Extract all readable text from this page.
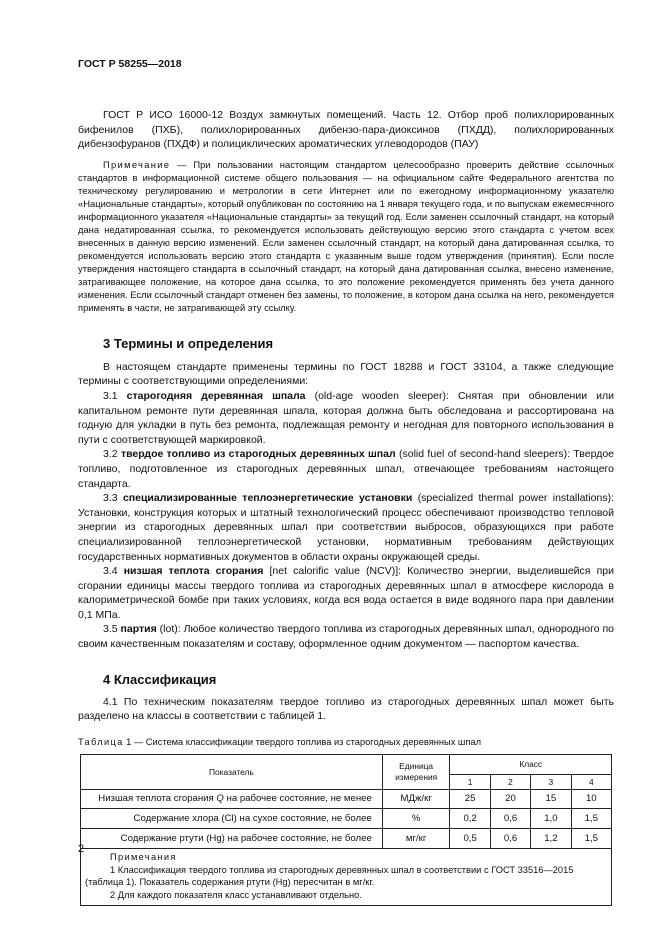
ГОСТ Р 58255—2018

ГОСТ Р ИСО 16000-12 Воздух замкнутых помещений. Часть 12. Отбор проб полихлорированных бифенилов (ПХБ), полихлорированных дибензо-пара-диоксинов (ПХДД), полихлорированных дибензофуранов (ПХДФ) и полициклических ароматических углеводородов (ПАУ)

Примечание — При пользовании настоящим стандартом целесообразно проверить действие ссылочных стандартов в информационной системе общего пользования — на официальном сайте Федерального агентства по техническому регулированию и метрологии в сети Интернет или по ежегодному информационному указателю «Национальные стандарты», который опубликован по состоянию на 1 января текущего года, и по выпускам ежемесячного информационного указателя «Национальные стандарты» за текущий год. Если заменен ссылочный стандарт, на который дана недатированная ссылка, то рекомендуется использовать действующую версию этого стандарта с учетом всех внесенных в данную версию изменений. Если заменен ссылочный стандарт, на который дана датированная ссылка, то рекомендуется использовать версию этого стандарта с указанным выше годом утверждения (принятия). Если после утверждения настоящего стандарта в ссылочный стандарт, на который дана датированная ссылка, внесено изменение, затрагивающее положение, на которое дана ссылка, то это положение рекомендуется применять без учета данного изменения. Если ссылочный стандарт отменен без замены, то положение, в котором дана ссылка на него, рекомендуется применять в части, не затрагивающей эту ссылку.

3 Термины и определения

В настоящем стандарте применены термины по ГОСТ 18288 и ГОСТ 33104, а также следующие термины с соответствующими определениями:

3.1 старогодняя деревянная шпала (old-age wooden sleeper): Снятая при обновлении или капитальном ремонте пути деревянная шпала, которая должна быть обследована и рассортирована на годную для укладки в путь без ремонта, подлежащая ремонту и негодная для повторного использования в пути с соответствующей маркировкой.

3.2 твердое топливо из старогодных деревянных шпал (solid fuel of second-hand sleepers): Твердое топливо, подготовленное из старогодных деревянных шпал, отвечающее требованиям настоящего стандарта.

3.3 специализированные теплоэнергетические установки (specialized thermal power installations): Установки, конструкция которых и штатный технологический процесс обеспечивают производство тепловой энергии из старогодных деревянных шпал при соответствии выбросов, образующихся при работе специализированной теплоэнергетической установки, нормативным требованиям действующих государственных нормативных документов в области охраны окружающей среды.

3.4 низшая теплота сгорания [net calorific value (NCV)]: Количество энергии, выделившейся при сгорании единицы массы твердого топлива из старогодных деревянных шпал в атмосфере кислорода в калориметрической бомбе при таких условиях, когда вся вода остается в виде водяного пара при давлении 0,1 МПа.

3.5 партия (lot): Любое количество твердого топлива из старогодных деревянных шпал, однородного по своим качественным показателям и составу, оформленное одним документом — паспортом качества.

4 Классификация

4.1 По техническим показателям твердое топливо из старогодных деревянных шпал может быть разделено на классы в соответствии с таблицей 1.

Таблица 1 — Система классификации твердого топлива из старогодных деревянных шпал

Показатель	Единица измерения	Класс			
		1	2	3	4
Низшая теплота сгорания Q на рабочее состояние, не менее	МДж/кг	25	20	15	10
Содержание хлора (Cl) на сухое состояние, не более	%	0,2	0,6	1,0	1,5
Содержание ртути (Hg) на рабочее состояние, не более	мг/кг	0,5	0,6	1,2	1,5

Примечания
1 Классификация твердого топлива из старогодных деревянных шпал в соответствии с ГОСТ 33516—2015 (таблица 1). Показатель содержания ртути (Hg) пересчитан в мг/кг.
2 Для каждого показателя класс устанавливают отдельно.					
2
